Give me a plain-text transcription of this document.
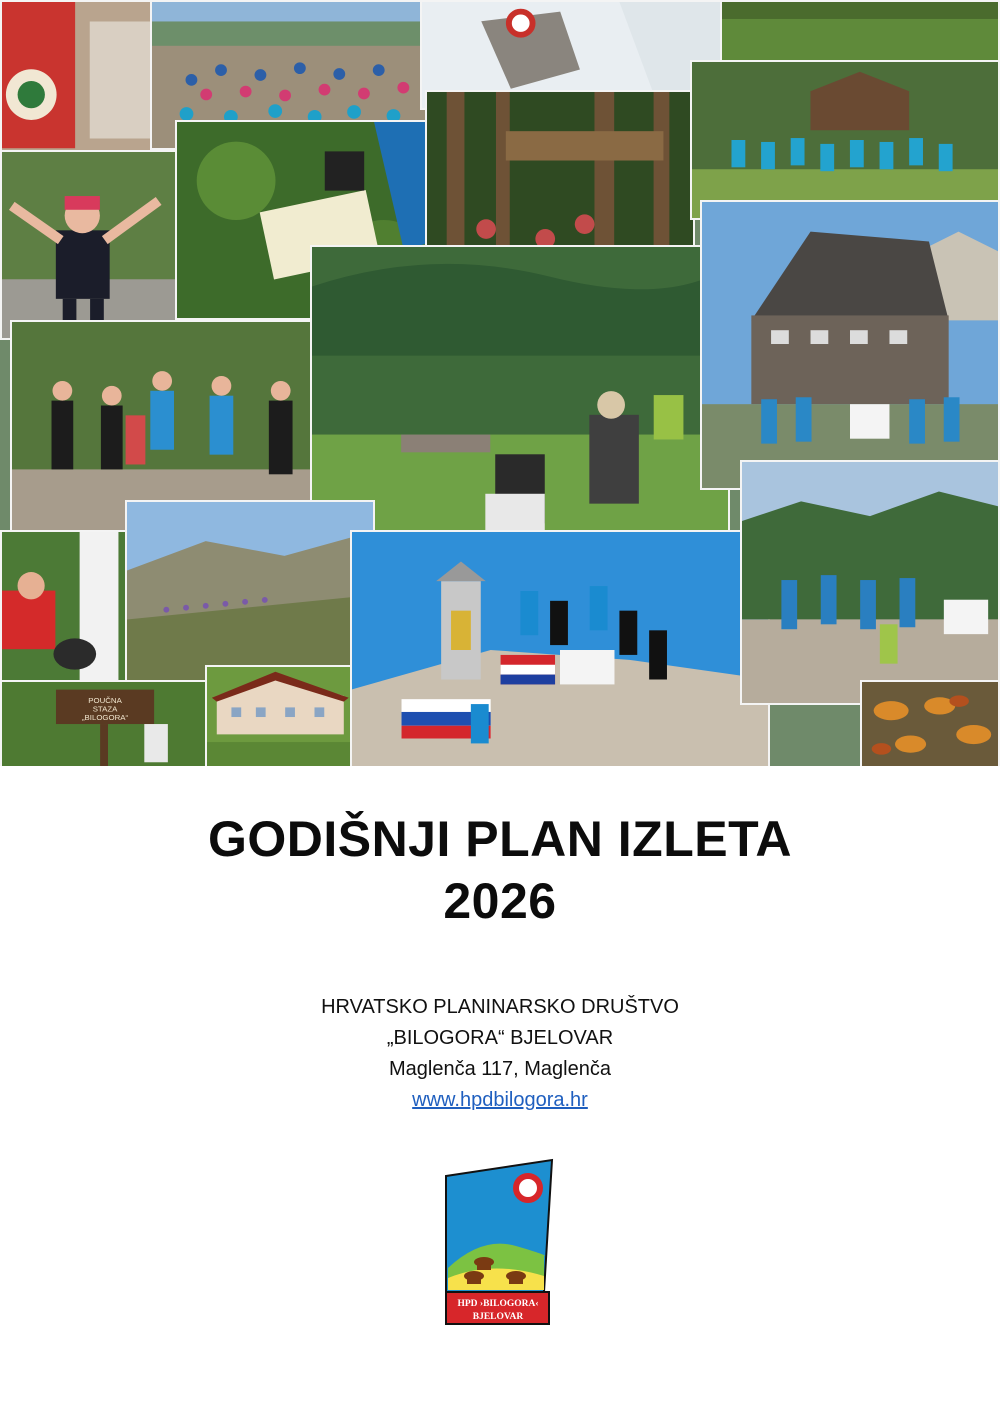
POUČNA
STAZA
„BILOGORA“
GODIŠNJI PLAN IZLETA
2026
HRVATSKO PLANINARSKO DRUŠTVO
„BILOGORA“ BJELOVAR
Maglenča 117, Maglenča
www.hpdbilogora.hr
HPD ›BILOGORA‹
BJELOVAR
